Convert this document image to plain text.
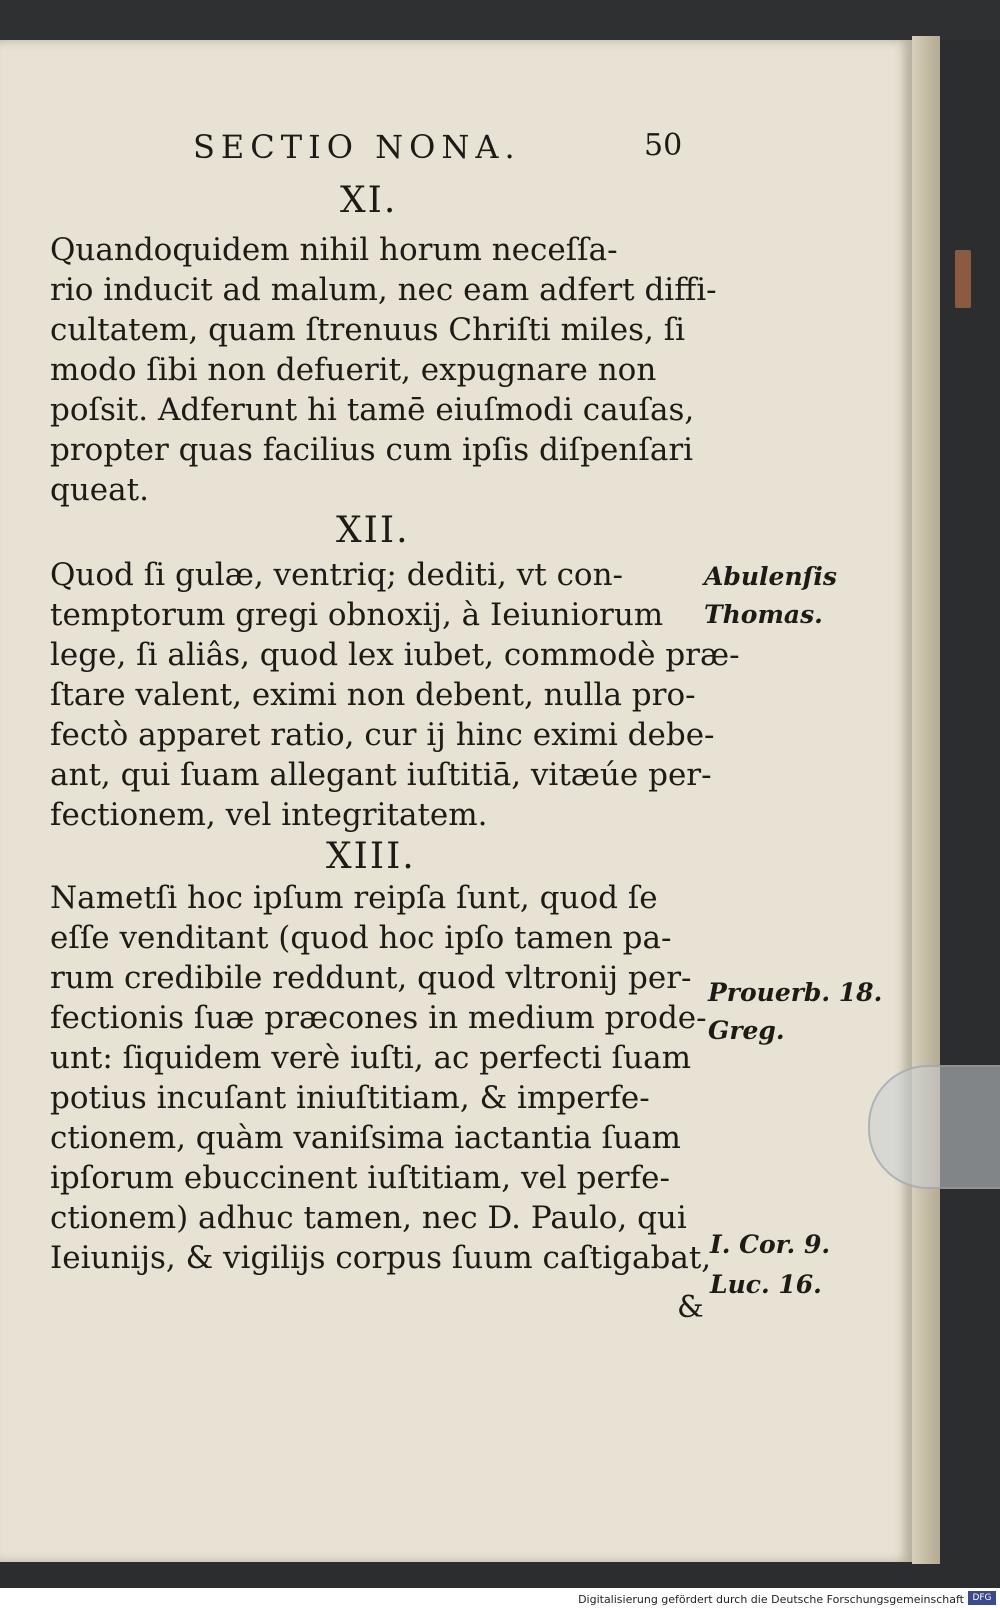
SECTIO NONA.	50
XI.
Quandoquidem nihil horum neceſſa-
rio inducit ad malum, nec eam adfert diffi-
cultatem, quam ſtrenuus Chriſti miles, ſi
modo ſibi non defuerit, expugnare non
poſsit. Adferunt hi tamē eiuſmodi cauſas,
propter quas facilius cum ipſis diſpenſari
queat.
XII.
Quod ſi gulæ, ventriq; dediti, vt con-
temptorum gregi obnoxij, à Ieiuniorum
lege, ſi aliâs, quod lex iubet, commodè præ-
ſtare valent, eximi non debent, nulla pro-
fectò apparet ratio, cur ij hinc eximi debe-
ant, qui ſuam allegant iuſtitiā, vitæúe per-
fectionem, vel integritatem.
XIII.
Nametſi hoc ipſum reipſa ſunt, quod ſe
eſſe venditant (quod hoc ipſo tamen pa-
rum credibile reddunt, quod vltronij per-
fectionis ſuæ præcones in medium prode-
unt: ſiquidem verè iuſti, ac perfecti ſuam
potius incuſant iniuſtitiam, & imperfe-
ctionem, quàm vaniſsima iactantia ſuam
ipſorum ebuccinent iuſtitiam, vel perfe-
ctionem) adhuc tamen, nec D. Paulo, qui
Ieiunijs, & vigilijs corpus ſuum caſtigabat,
Abulenſis
Thomas.
Prouerb. 18.
Greg.
I. Cor. 9.
Luc. 16.
&
Digitalisierung gefördert durch die Deutsche Forschungsgemeinschaft DFG
